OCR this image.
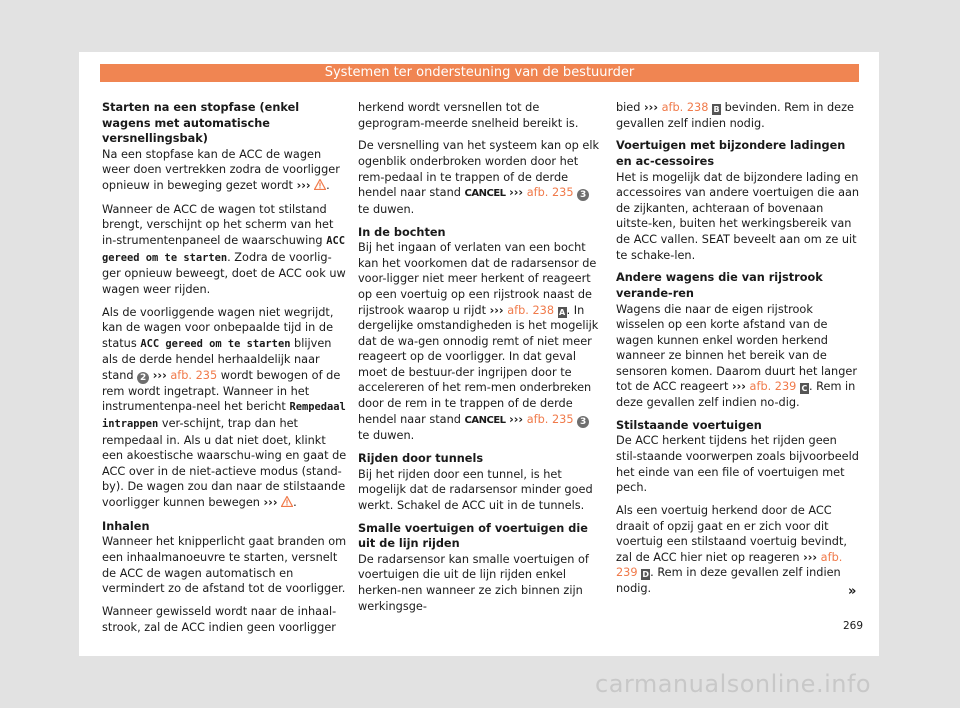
Systemen ter ondersteuning van de bestuurder
Starten na een stopfase (enkel wagens met automatische versnellingsbak)

Na een stopfase kan de ACC de wagen weer doen vertrekken zodra de voorligger opnieuw in beweging gezet wordt ››› .

Wanneer de ACC de wagen tot stilstand brengt, verschijnt op het scherm van het in-strumentenpaneel de waarschuwing ACC gereed om te starten. Zodra de voorlig-ger opnieuw beweegt, doet de ACC ook uw wagen weer rijden.

Als de voorliggende wagen niet wegrijdt, kan de wagen voor onbepaalde tijd in de status ACC gereed om te starten blijven als de derde hendel herhaaldelijk naar stand 2 ››› afb. 235 wordt bewogen of de rem wordt ingetrapt. Wanneer in het instrumentenpa-neel het bericht Rempedaal intrappen ver-schijnt, trap dan het rempedaal in. Als u dat niet doet, klinkt een akoestische waarschu-wing en gaat de ACC over in de niet-actieve modus (stand-by). De wagen zou dan naar de stilstaande voorligger kunnen bewegen ››› .

Inhalen

Wanneer het knipperlicht gaat branden om een inhaalmanoeuvre te starten, versnelt de ACC de wagen automatisch en vermindert zo de afstand tot de voorligger.

Wanneer gewisseld wordt naar de inhaal-strook, zal de ACC indien geen voorligger

herkend wordt versnellen tot de geprogram-meerde snelheid bereikt is.

De versnelling van het systeem kan op elk ogenblik onderbroken worden door het rem-pedaal in te trappen of de derde hendel naar stand CANCEL ››› afb. 235 3 te duwen.

In de bochten

Bij het ingaan of verlaten van een bocht kan het voorkomen dat de radarsensor de voor-ligger niet meer herkent of reageert op een voertuig op een rijstrook naast de rijstrook waarop u rijdt ››› afb. 238 A. In dergelijke omstandigheden is het mogelijk dat de wa-gen onnodig remt of niet meer reageert op de voorligger. In dat geval moet de bestuur-der ingrijpen door te accelereren of het rem-men onderbreken door de rem in te trappen of de derde hendel naar stand CANCEL ››› afb. 235 3 te duwen.

Rijden door tunnels

Bij het rijden door een tunnel, is het mogelijk dat de radarsensor minder goed werkt. Schakel de ACC uit in de tunnels.

Smalle voertuigen of voertuigen die uit de lijn rijden

De radarsensor kan smalle voertuigen of voertuigen die uit de lijn rijden enkel herken-nen wanneer ze zich binnen zijn werkingsge-

bied ››› afb. 238 B bevinden. Rem in deze gevallen zelf indien nodig.

Voertuigen met bijzondere ladingen en ac-cessoires

Het is mogelijk dat de bijzondere lading en accessoires van andere voertuigen die aan de zijkanten, achteraan of bovenaan uitste-ken, buiten het werkingsbereik van de ACC vallen. SEAT beveelt aan om ze uit te schake-len.

Andere wagens die van rijstrook verande-ren

Wagens die naar de eigen rijstrook wisselen op een korte afstand van de wagen kunnen enkel worden herkend wanneer ze binnen het bereik van de sensoren komen. Daarom duurt het langer tot de ACC reageert ››› afb. 239 C . Rem in deze gevallen zelf indien no-dig.

Stilstaande voertuigen

De ACC herkent tijdens het rijden geen stil-staande voorwerpen zoals bijvoorbeeld het einde van een file of voertuigen met pech.

Als een voertuig herkend door de ACC draait of opzij gaat en er zich voor dit voertuig een stilstaand voertuig bevindt, zal de ACC hier niet op reageren ››› afb. 239 D. Rem in deze gevallen zelf indien nodig.	»
269
carmanualsonline.info
